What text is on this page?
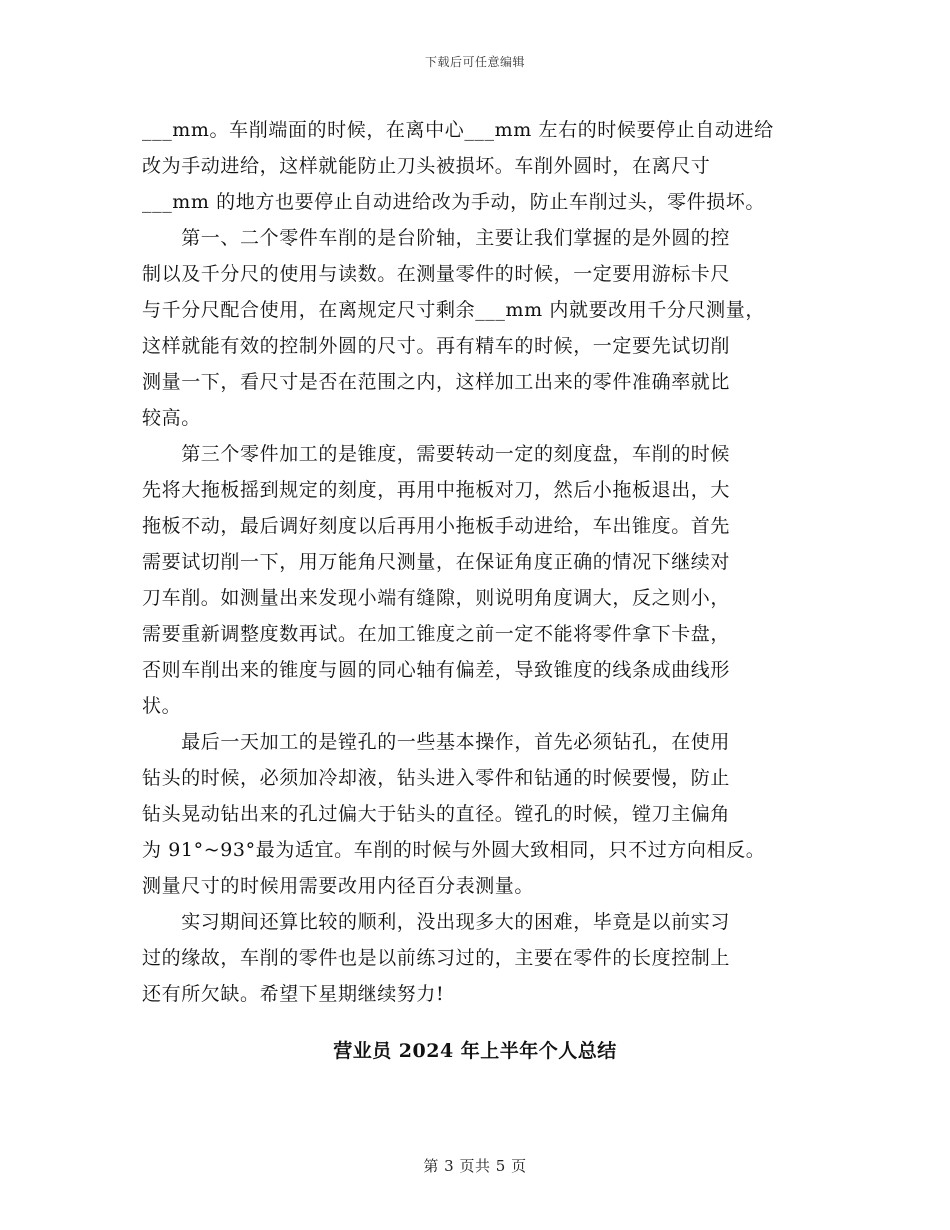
下载后可任意编辑
___mm。车削端面的时候，在离中心___mm 左右的时候要停止自动进给
改为手动进给，这样就能防止刀头被损坏。车削外圆时，在离尺寸
___mm 的地方也要停止自动进给改为手动，防止车削过头，零件损坏。
　　第一、二个零件车削的是台阶轴，主要让我们掌握的是外圆的控
制以及千分尺的使用与读数。在测量零件的时候，一定要用游标卡尺
与千分尺配合使用，在离规定尺寸剩余___mm 内就要改用千分尺测量，
这样就能有效的控制外圆的尺寸。再有精车的时候，一定要先试切削
测量一下，看尺寸是否在范围之内，这样加工出来的零件准确率就比
较高。
　　第三个零件加工的是锥度，需要转动一定的刻度盘，车削的时候
先将大拖板摇到规定的刻度，再用中拖板对刀，然后小拖板退出，大
拖板不动，最后调好刻度以后再用小拖板手动进给，车出锥度。首先
需要试切削一下，用万能角尺测量，在保证角度正确的情况下继续对
刀车削。如测量出来发现小端有缝隙，则说明角度调大，反之则小，
需要重新调整度数再试。在加工锥度之前一定不能将零件拿下卡盘，
否则车削出来的锥度与圆的同心轴有偏差，导致锥度的线条成曲线形
状。
　　最后一天加工的是镗孔的一些基本操作，首先必须钻孔，在使用
钻头的时候，必须加冷却液，钻头进入零件和钻通的时候要慢，防止
钻头晃动钻出来的孔过偏大于钻头的直径。镗孔的时候，镗刀主偏角
为 91°~93°最为适宜。车削的时候与外圆大致相同，只不过方向相反。
测量尺寸的时候用需要改用内径百分表测量。
　　实习期间还算比较的顺利，没出现多大的困难，毕竟是以前实习
过的缘故，车削的零件也是以前练习过的，主要在零件的长度控制上
还有所欠缺。希望下星期继续努力!
营业员 2024 年上半年个人总结
第 3 页共 5 页
